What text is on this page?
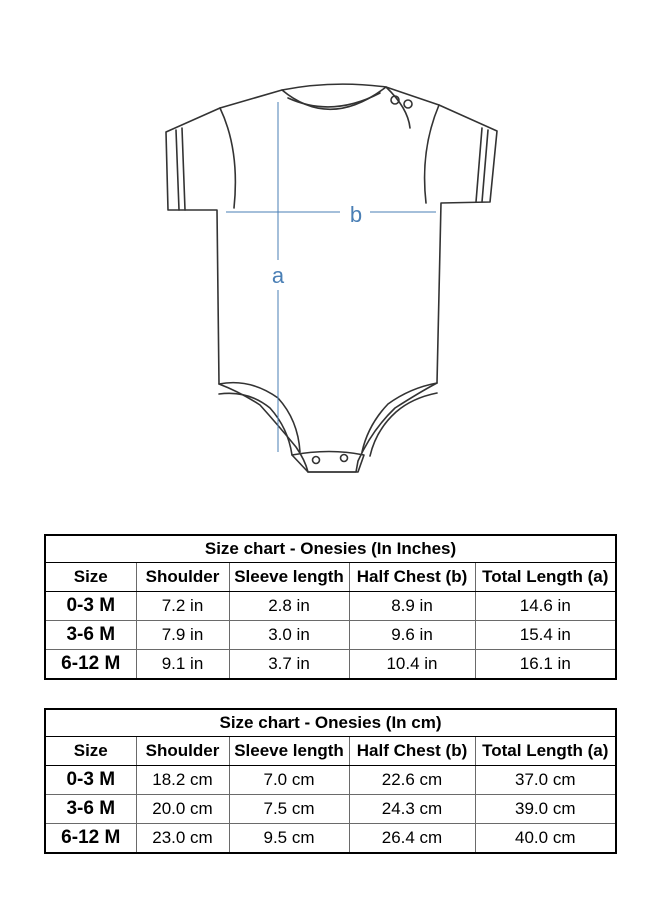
b
a
Size chart - Onesies (In Inches)				
Size	Shoulder	Sleeve length	Half Chest (b)	Total Length (a)
0-3 M	7.2 in	2.8 in	8.9 in	14.6 in
3-6 M	7.9 in	3.0 in	9.6 in	15.4 in
6-12 M	9.1 in	3.7 in	10.4 in	16.1 in
Size chart - Onesies (In cm)				
Size	Shoulder	Sleeve length	Half Chest (b)	Total Length (a)
0-3 M	18.2 cm	7.0 cm	22.6 cm	37.0 cm
3-6 M	20.0 cm	7.5 cm	24.3 cm	39.0 cm
6-12 M	23.0 cm	9.5 cm	26.4 cm	40.0 cm
